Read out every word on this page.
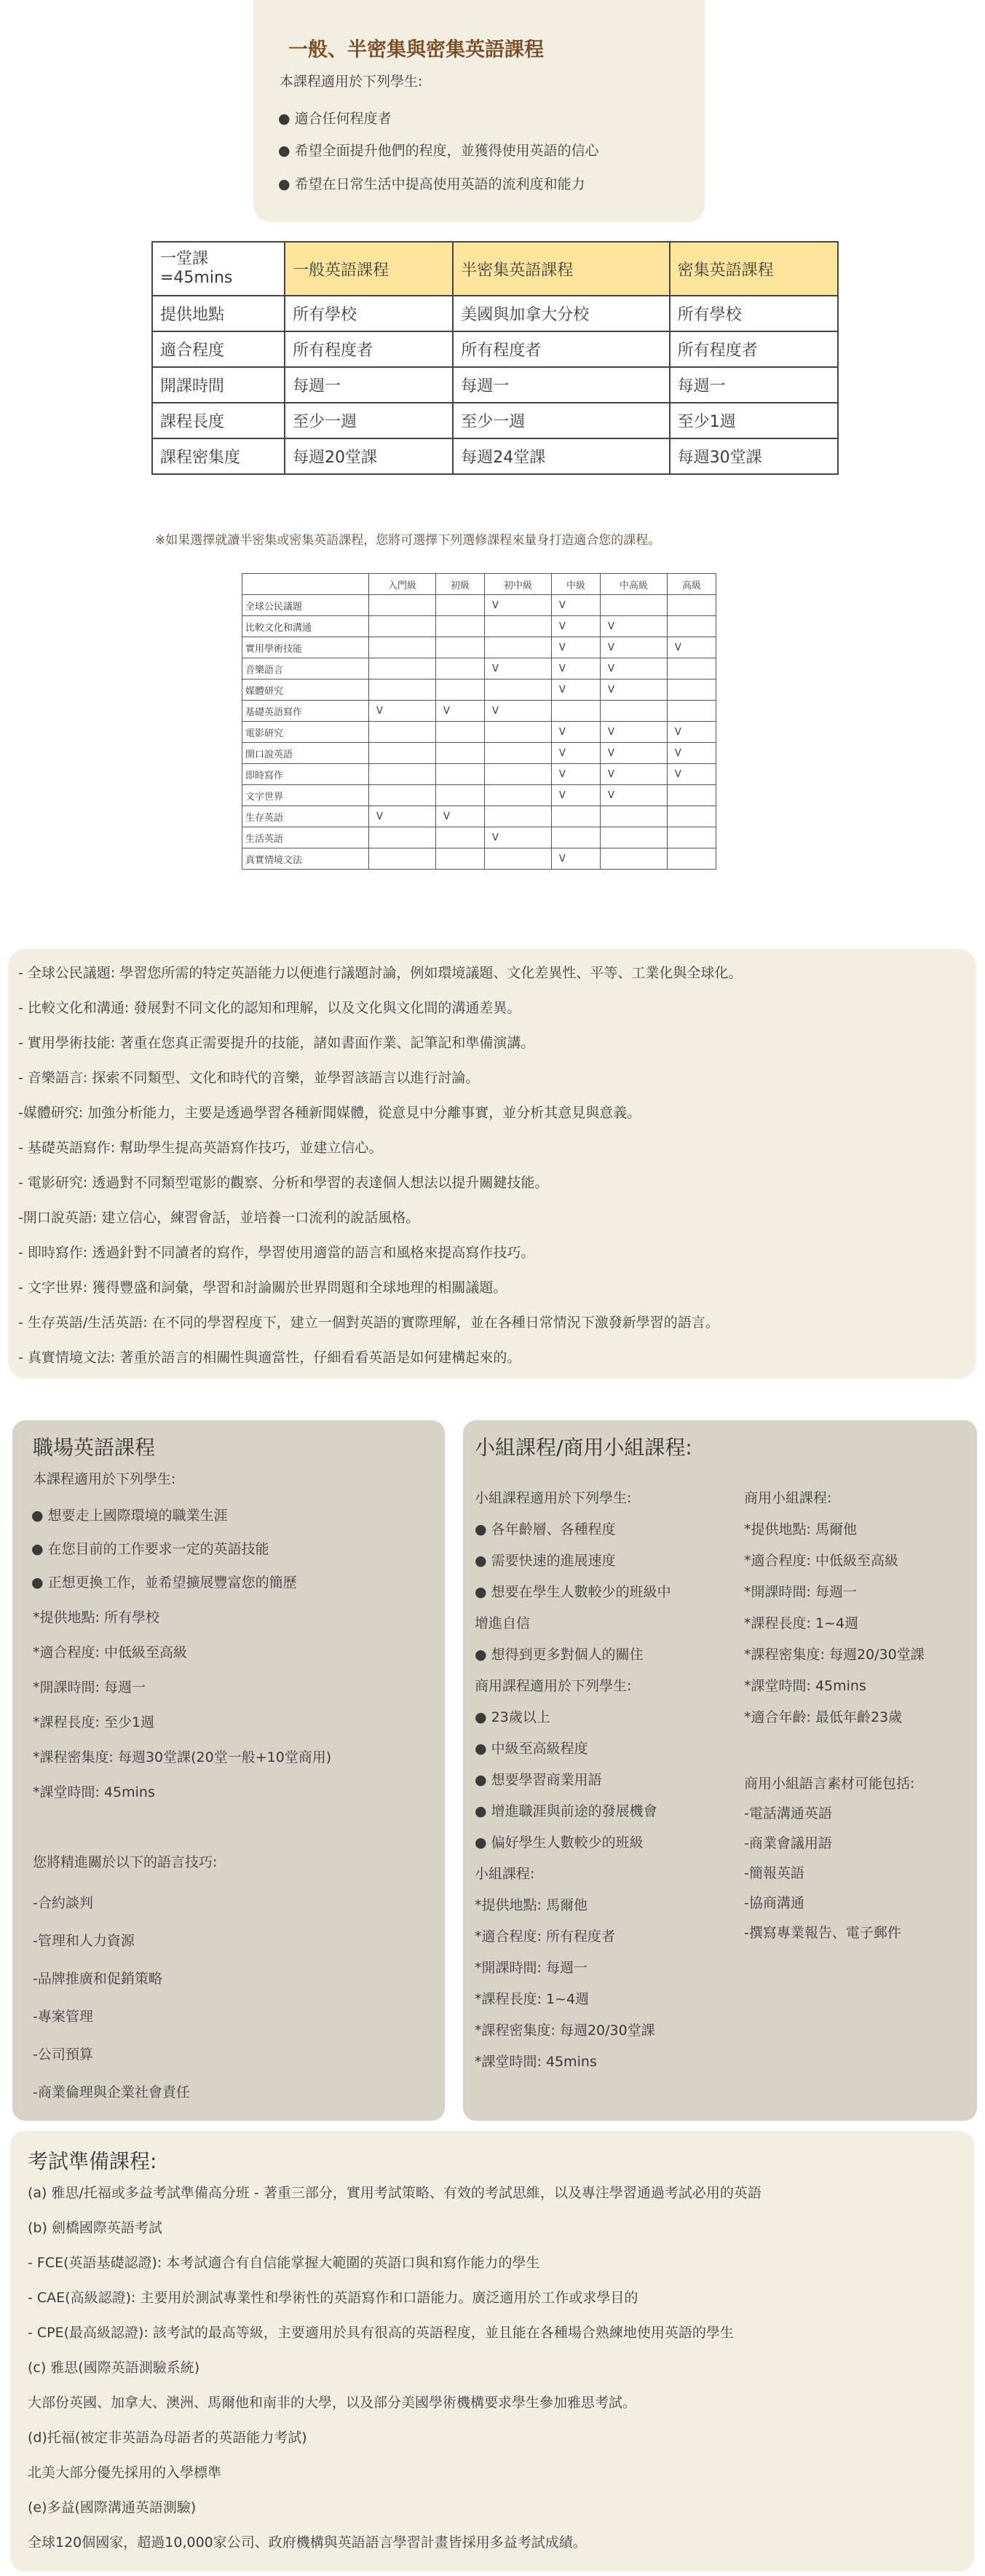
一般、半密集與密集英語課程
本課程適用於下列學生:
● 適合任何程度者
● 希望全面提升他們的程度，並獲得使用英語的信心
● 希望在日常生活中提高使用英語的流利度和能力
一堂課
=45mins	一般英語課程	半密集英語課程	密集英語課程
提供地點	所有學校	美國與加拿大分校	所有學校
適合程度	所有程度者	所有程度者	所有程度者
開課時間	每週一	每週一	每週一
課程長度	至少一週	至少一週	至少1週
課程密集度	每週20堂課	每週24堂課	每週30堂課
※如果選擇就讀半密集或密集英語課程，您將可選擇下列選修課程來量身打造適合您的課程。
	入門級	初級	初中級	中級	中高級	高級
全球公民議題			V	V		
比較文化和溝通				V	V	
實用學術技能				V	V	V
音樂語言			V	V	V	
媒體研究				V	V	
基礎英語寫作	V	V	V			
電影研究				V	V	V
開口說英語				V	V	V
即時寫作				V	V	V
文字世界				V	V	
生存英語	V	V				
生活英語			V			
真實情境文法				V		
- 全球公民議題: 學習您所需的特定英語能力以便進行議題討論，例如環境議題、文化差異性、平等、工業化與全球化。
- 比較文化和溝通: 發展對不同文化的認知和理解，以及文化與文化間的溝通差異。
- 實用學術技能: 著重在您真正需要提升的技能，諸如書面作業、記筆記和準備演講。
- 音樂語言: 探索不同類型、文化和時代的音樂，並學習該語言以進行討論。
-媒體研究: 加強分析能力，主要是透過學習各種新聞媒體，從意見中分離事實，並分析其意見與意義。
- 基礎英語寫作: 幫助學生提高英語寫作技巧，並建立信心。
- 電影研究: 透過對不同類型電影的觀察、分析和學習的表達個人想法以提升關鍵技能。
-開口說英語: 建立信心，練習會話，並培養一口流利的說話風格。
- 即時寫作: 透過針對不同讀者的寫作，學習使用適當的語言和風格來提高寫作技巧。
- 文字世界: 獲得豐盛和詞彙，學習和討論關於世界問題和全球地理的相關議題。
- 生存英語/生活英語: 在不同的學習程度下，建立一個對英語的實際理解，並在各種日常情況下激發新學習的語言。
- 真實情境文法: 著重於語言的相關性與適當性，仔細看看英語是如何建構起來的。
職場英語課程
本課程適用於下列學生:
● 想要走上國際環境的職業生涯
● 在您目前的工作要求一定的英語技能
● 正想更換工作，並希望擴展豐富您的簡歷
*提供地點: 所有學校
*適合程度: 中低級至高級
*開課時間: 每週一
*課程長度: 至少1週
*課程密集度: 每週30堂課(20堂一般+10堂商用)
*課堂時間: 45mins
您將精進關於以下的語言技巧:
-合約談判
-管理和人力資源
-品牌推廣和促銷策略
-專案管理
-公司預算
-商業倫理與企業社會責任
小組課程/商用小組課程:
小組課程適用於下列學生:
● 各年齡層、各種程度
● 需要快速的進展速度
● 想要在學生人數較少的班級中
增進自信
● 想得到更多對個人的關住
商用課程適用於下列學生:
● 23歲以上
● 中級至高級程度
● 想要學習商業用語
● 增進職涯與前途的發展機會
● 偏好學生人數較少的班級
小組課程:
*提供地點: 馬爾他
*適合程度: 所有程度者
*開課時間: 每週一
*課程長度: 1~4週
*課程密集度: 每週20/30堂課
*課堂時間: 45mins
商用小組課程:
*提供地點: 馬爾他
*適合程度: 中低級至高級
*開課時間: 每週一
*課程長度: 1~4週
*課程密集度: 每週20/30堂課
*課堂時間: 45mins
*適合年齡: 最低年齡23歲
商用小組語言素材可能包括:
-電話溝通英語
-商業會議用語
-簡報英語
-協商溝通
-撰寫專業報告、電子郵件
考試準備課程:
(a) 雅思/托福或多益考試準備高分班 - 著重三部分，實用考試策略、有效的考試思維，以及專注學習通過考試必用的英語
(b) 劍橋國際英語考試
- FCE(英語基礎認證): 本考試適合有自信能掌握大範圍的英語口與和寫作能力的學生
- CAE(高級認證): 主要用於測試專業性和學術性的英語寫作和口語能力。廣泛適用於工作或求學目的
- CPE(最高級認證): 該考試的最高等級，主要適用於具有很高的英語程度，並且能在各種場合熟練地使用英語的學生
(c) 雅思(國際英語測驗系統)
大部份英國、加拿大、澳洲、馬爾他和南非的大學，以及部分美國學術機構要求學生參加雅思考試。
(d)托福(被定非英語為母語者的英語能力考試)
北美大部分優先採用的入學標準
(e)多益(國際溝通英語測驗)
全球120個國家，超過10,000家公司、政府機構與英語語言學習計畫皆採用多益考試成績。
